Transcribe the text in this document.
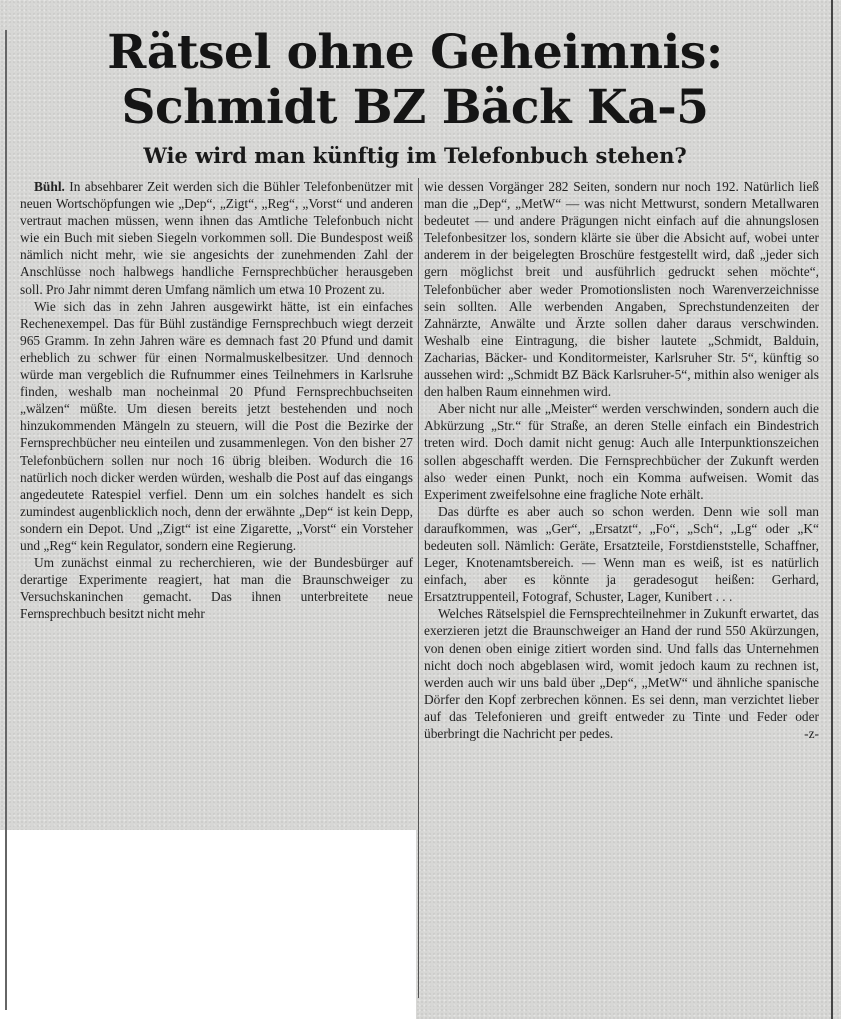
Rätsel ohne Geheimnis:
Schmidt BZ Bäck Ka-5
Wie wird man künftig im Telefonbuch stehen?

Bühl. In absehbarer Zeit werden sich die Bühler Telefonbenützer mit neuen Wortschöpfungen wie „Dep“, „Zigt“, „Reg“, „Vorst“ und anderen vertraut machen müssen, wenn ihnen das Amtliche Telefonbuch nicht wie ein Buch mit sieben Siegeln vorkommen soll. Die Bundespost weiß nämlich nicht mehr, wie sie angesichts der zunehmenden Zahl der Anschlüsse noch halbwegs handliche Fernsprechbücher herausgeben soll. Pro Jahr nimmt deren Umfang nämlich um etwa 10 Prozent zu.

Wie sich das in zehn Jahren ausgewirkt hätte, ist ein einfaches Rechenexempel. Das für Bühl zuständige Fernsprechbuch wiegt derzeit 965 Gramm. In zehn Jahren wäre es demnach fast 20 Pfund und damit erheblich zu schwer für einen Normalmuskelbesitzer. Und dennoch würde man vergeblich die Rufnummer eines Teilnehmers in Karlsruhe finden, weshalb man nocheinmal 20 Pfund Fernsprechbuchseiten „wälzen“ müßte. Um diesen bereits jetzt bestehenden und noch hinzukommenden Mängeln zu steuern, will die Post die Bezirke der Fernsprechbücher neu einteilen und zusammenlegen. Von den bisher 27 Telefonbüchern sollen nur noch 16 übrig bleiben. Wodurch die 16 natürlich noch dicker werden würden, weshalb die Post auf das eingangs angedeutete Ratespiel verfiel. Denn um ein solches handelt es sich zumindest augenblicklich noch, denn der erwähnte „Dep“ ist kein Depp, sondern ein Depot. Und „Zigt“ ist eine Zigarette, „Vorst“ ein Vorsteher und „Reg“ kein Regulator, sondern eine Regierung.

Um zunächst einmal zu recherchieren, wie der Bundesbürger auf derartige Experimente reagiert, hat man die Braunschweiger zu Versuchskaninchen gemacht. Das ihnen unterbreitete neue Fernsprechbuch besitzt nicht mehr

wie dessen Vorgänger 282 Seiten, sondern nur noch 192. Natürlich ließ man die „Dep“, „MetW“ — was nicht Mettwurst, sondern Metallwaren bedeutet — und andere Prägungen nicht einfach auf die ahnungslosen Telefonbesitzer los, sondern klärte sie über die Absicht auf, wobei unter anderem in der beigelegten Broschüre festgestellt wird, daß „jeder sich gern möglichst breit und ausführlich gedruckt sehen möchte“, Telefonbücher aber weder Promotionslisten noch Warenverzeichnisse sein sollten. Alle werbenden Angaben, Sprechstundenzeiten der Zahnärzte, Anwälte und Ärzte sollen daher daraus verschwinden. Weshalb eine Eintragung, die bisher lautete „Schmidt, Balduin, Zacharias, Bäcker- und Konditormeister, Karlsruher Str. 5“, künftig so aussehen wird: „Schmidt BZ Bäck Karlsruher-5“, mithin also weniger als den halben Raum einnehmen wird.

Aber nicht nur alle „Meister“ werden verschwinden, sondern auch die Abkürzung „Str.“ für Straße, an deren Stelle einfach ein Bindestrich treten wird. Doch damit nicht genug: Auch alle Interpunktionszeichen sollen abgeschafft werden. Die Fernsprechbücher der Zukunft werden also weder einen Punkt, noch ein Komma aufweisen. Womit das Experiment zweifelsohne eine fragliche Note erhält.

Das dürfte es aber auch so schon werden. Denn wie soll man daraufkommen, was „Ger“, „Ersatzt“, „Fo“, „Sch“, „Lg“ oder „K“ bedeuten soll. Nämlich: Geräte, Ersatzteile, Forstdienststelle, Schaffner, Leger, Knotenamtsbereich. — Wenn man es weiß, ist es natürlich einfach, aber es könnte ja geradesogut heißen: Gerhard, Ersatztruppenteil, Fotograf, Schuster, Lager, Kunibert . . .

Welches Rätselspiel die Fernsprechteilnehmer in Zukunft erwartet, das exerzieren jetzt die Braunschweiger an Hand der rund 550 Akürzungen, von denen oben einige zitiert worden sind. Und falls das Unternehmen nicht doch noch abgeblasen wird, womit jedoch kaum zu rechnen ist, werden auch wir uns bald über „Dep“, „MetW“ und ähnliche spanische Dörfer den Kopf zerbrechen können. Es sei denn, man verzichtet lieber auf das Telefonieren und greift entweder zu Tinte und Feder oder überbringt die Nachricht per pedes.	-z-
